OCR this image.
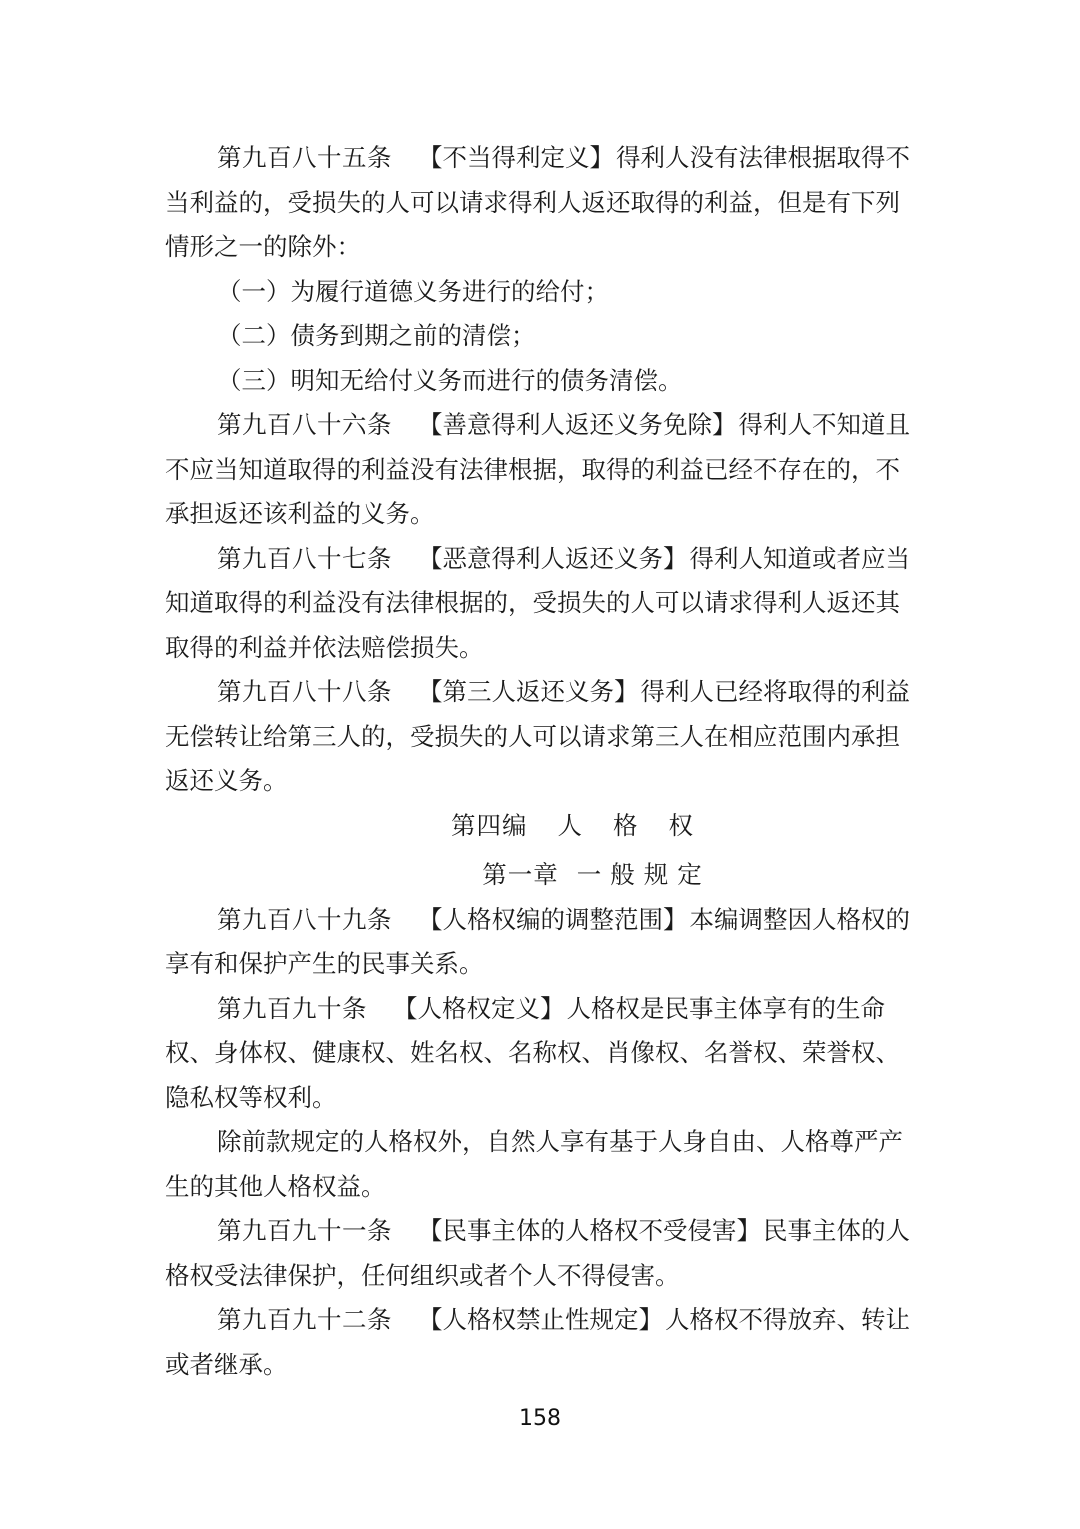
第九百八十五条 【不当得利定义】得利人没有法律根据取得不当利益的，受损失的人可以请求得利人返还取得的利益，但是有下列情形之一的除外：

（一）为履行道德义务进行的给付；

（二）债务到期之前的清偿；

（三）明知无给付义务而进行的债务清偿。

第九百八十六条 【善意得利人返还义务免除】得利人不知道且不应当知道取得的利益没有法律根据，取得的利益已经不存在的，不承担返还该利益的义务。

第九百八十七条 【恶意得利人返还义务】得利人知道或者应当知道取得的利益没有法律根据的，受损失的人可以请求得利人返还其取得的利益并依法赔偿损失。

第九百八十八条 【第三人返还义务】得利人已经将取得的利益无偿转让给第三人的，受损失的人可以请求第三人在相应范围内承担返还义务。

第四编 人 格 权

第一章 一 般 规 定

第九百八十九条 【人格权编的调整范围】本编调整因人格权的享有和保护产生的民事关系。

第九百九十条 【人格权定义】人格权是民事主体享有的生命权、身体权、健康权、姓名权、名称权、肖像权、名誉权、荣誉权、隐私权等权利。

除前款规定的人格权外，自然人享有基于人身自由、人格尊严产生的其他人格权益。

第九百九十一条 【民事主体的人格权不受侵害】民事主体的人格权受法律保护，任何组织或者个人不得侵害。

第九百九十二条 【人格权禁止性规定】人格权不得放弃、转让或者继承。

158
